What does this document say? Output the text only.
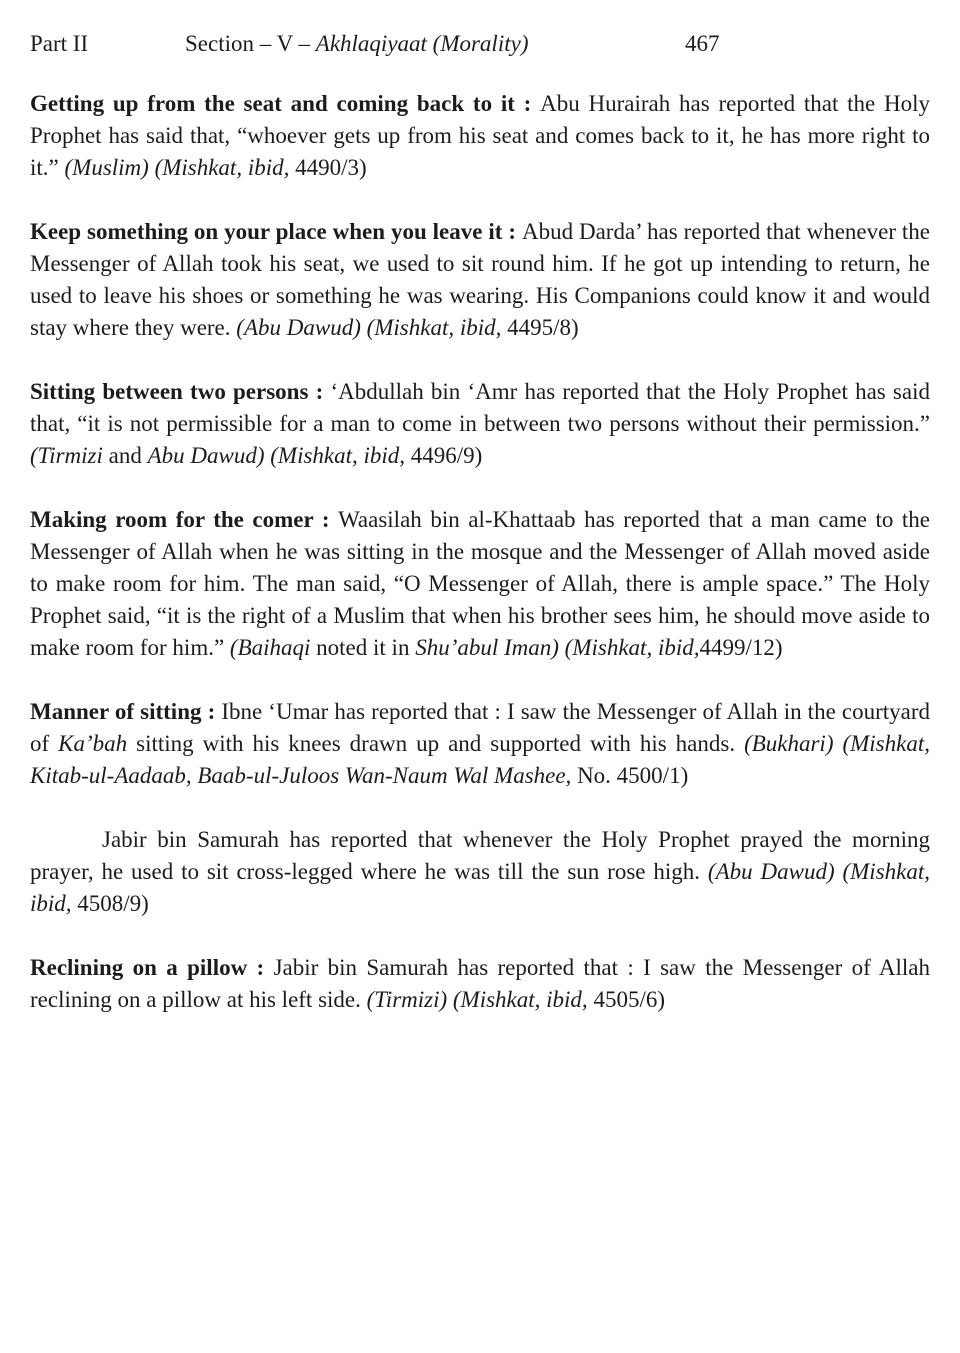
Part II	Section – V – Akhlaqiyaat (Morality)	467

Getting up from the seat and coming back to it : Abu Hurairah has reported that the Holy Prophet has said that, “whoever gets up from his seat and comes back to it, he has more right to it.” (Muslim) (Mishkat, ibid, 4490/3)

Keep something on your place when you leave it : Abud Darda’ has reported that whenever the Messenger of Allah took his seat, we used to sit round him. If he got up intending to return, he used to leave his shoes or something he was wearing. His Companions could know it and would stay where they were. (Abu Dawud) (Mishkat, ibid, 4495/8)

Sitting between two persons : ‘Abdullah bin ‘Amr has reported that the Holy Prophet has said that, “it is not permissible for a man to come in between two persons without their permission.” (Tirmizi and Abu Dawud) (Mishkat, ibid, 4496/9)

Making room for the comer : Waasilah bin al-Khattaab has reported that a man came to the Messenger of Allah when he was sitting in the mosque and the Messenger of Allah moved aside to make room for him. The man said, “O Messenger of Allah, there is ample space.” The Holy Prophet said, “it is the right of a Muslim that when his brother sees him, he should move aside to make room for him.” (Baihaqi noted it in Shu’abul Iman) (Mishkat, ibid,4499/12)

Manner of sitting : Ibne ‘Umar has reported that : I saw the Messenger of Allah in the courtyard of Ka’bah sitting with his knees drawn up and supported with his hands. (Bukhari) (Mishkat, Kitab-ul-Aadaab, Baab-ul-Juloos Wan-Naum Wal Mashee, No. 4500/1)

Jabir bin Samurah has reported that whenever the Holy Prophet prayed the morning prayer, he used to sit cross-legged where he was till the sun rose high. (Abu Dawud) (Mishkat, ibid, 4508/9)

Reclining on a pillow : Jabir bin Samurah has reported that : I saw the Messenger of Allah reclining on a pillow at his left side. (Tirmizi) (Mishkat, ibid, 4505/6)
